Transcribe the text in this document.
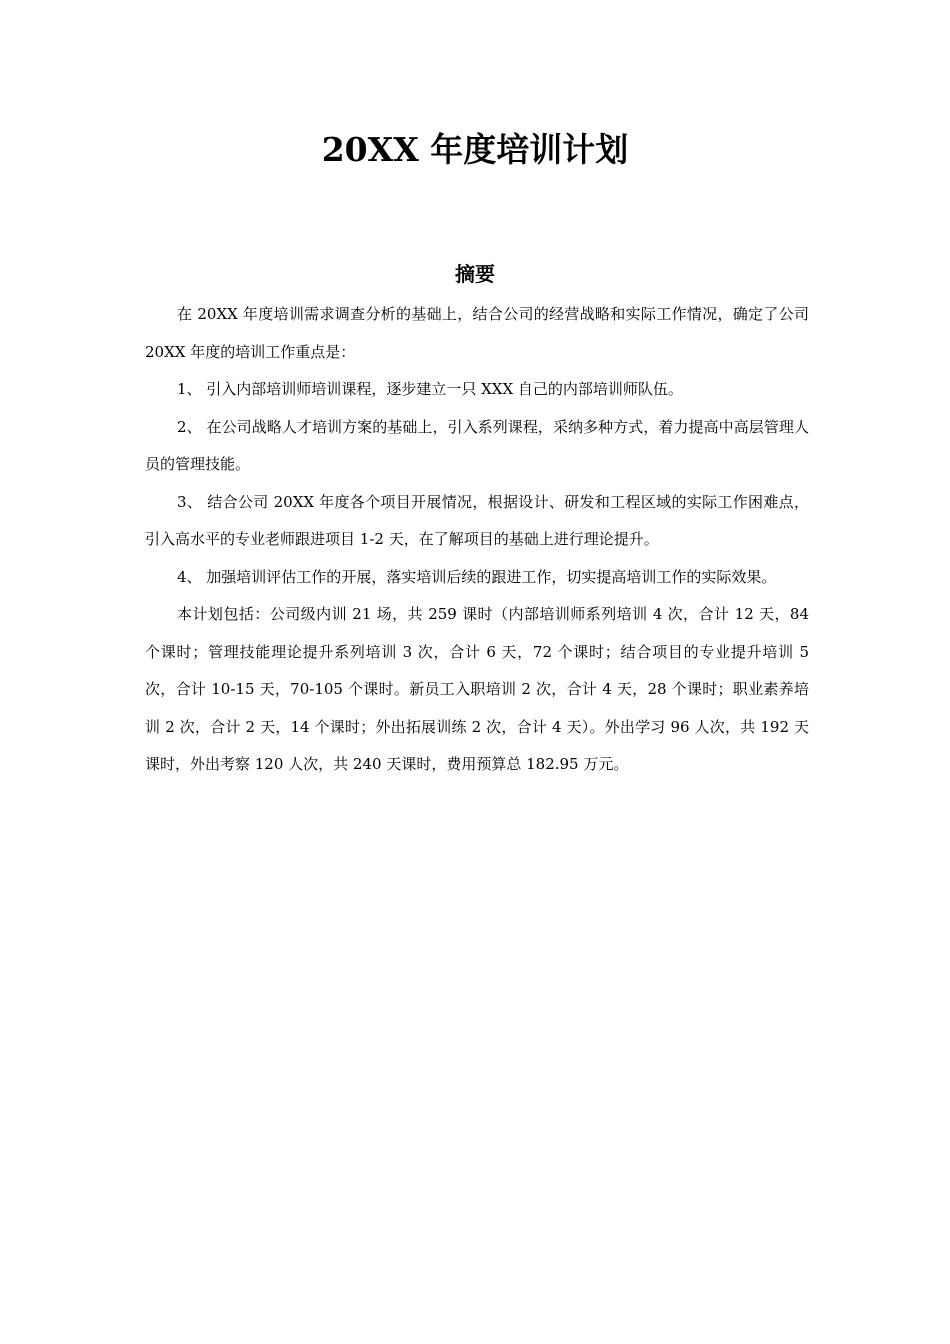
20XX 年度培训计划
摘要

在 20XX 年度培训需求调查分析的基础上，结合公司的经营战略和实际工作情况，确定了公司 20XX 年度的培训工作重点是：

1、 引入内部培训师培训课程，逐步建立一只 XXX 自己的内部培训师队伍。

2、 在公司战略人才培训方案的基础上，引入系列课程，采纳多种方式，着力提高中高层管理人员的管理技能。

3、 结合公司 20XX 年度各个项目开展情况，根据设计、研发和工程区域的实际工作困难点，引入高水平的专业老师跟进项目 1-2 天，在了解项目的基础上进行理论提升。

4、 加强培训评估工作的开展，落实培训后续的跟进工作，切实提高培训工作的实际效果。

本计划包括：公司级内训 21 场，共 259 课时（内部培训师系列培训 4 次，合计 12 天，84 个课时；管理技能理论提升系列培训 3 次，合计 6 天，72 个课时；结合项目的专业提升培训 5 次，合计 10-15 天，70-105 个课时。新员工入职培训 2 次，合计 4 天，28 个课时；职业素养培训 2 次，合计 2 天，14 个课时；外出拓展训练 2 次，合计 4 天）。外出学习 96 人次，共 192 天课时，外出考察 120 人次，共 240 天课时，费用预算总 182.95 万元。
